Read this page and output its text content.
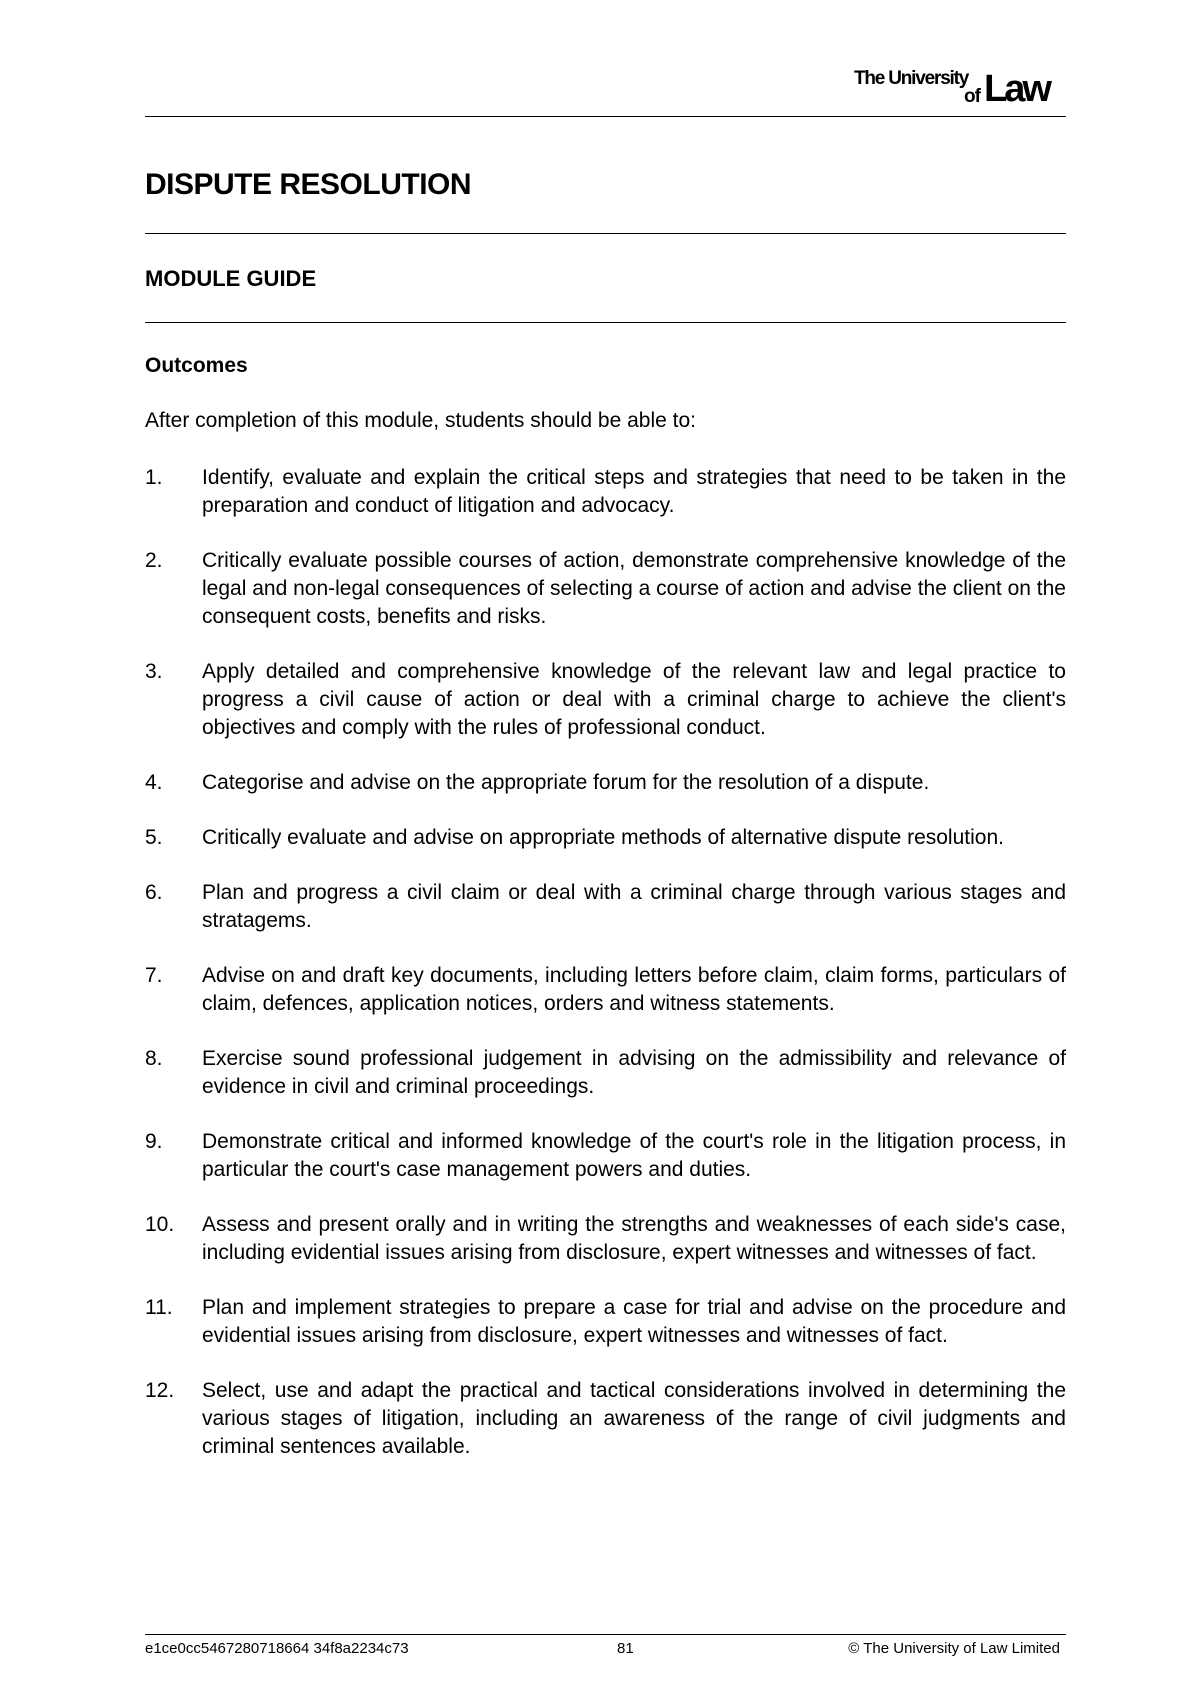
The University
of Law
DISPUTE RESOLUTION
MODULE GUIDE
Outcomes

After completion of this module, students should be able to:

1.	Identify, evaluate and explain the critical steps and strategies that need to be taken in the preparation and conduct of litigation and advocacy.
2.	Critically evaluate possible courses of action, demonstrate comprehensive knowledge of the legal and non-legal consequences of selecting a course of action and advise the client on the consequent costs, benefits and risks.
3.	Apply detailed and comprehensive knowledge of the relevant law and legal practice to progress a civil cause of action or deal with a criminal charge to achieve the client's objectives and comply with the rules of professional conduct.
4.	Categorise and advise on the appropriate forum for the resolution of a dispute.
5.	Critically evaluate and advise on appropriate methods of alternative dispute resolution.
6.	Plan and progress a civil claim or deal with a criminal charge through various stages and stratagems.
7.	Advise on and draft key documents, including letters before claim, claim forms, particulars of claim, defences, application notices, orders and witness statements.
8.	Exercise sound professional judgement in advising on the admissibility and relevance of evidence in civil and criminal proceedings.
9.	Demonstrate critical and informed knowledge of the court's role in the litigation process, in particular the court's case management powers and duties.
10.	Assess and present orally and in writing the strengths and weaknesses of each side's case, including evidential issues arising from disclosure, expert witnesses and witnesses of fact.
11.	Plan and implement strategies to prepare a case for trial and advise on the procedure and evidential issues arising from disclosure, expert witnesses and witnesses of fact.
12.	Select, use and adapt the practical and tactical considerations involved in determining the various stages of litigation, including an awareness of the range of civil judgments and criminal sentences available.
e1ce0cc5467280718664 34f8a2234c73	81	© The University of Law Limited
